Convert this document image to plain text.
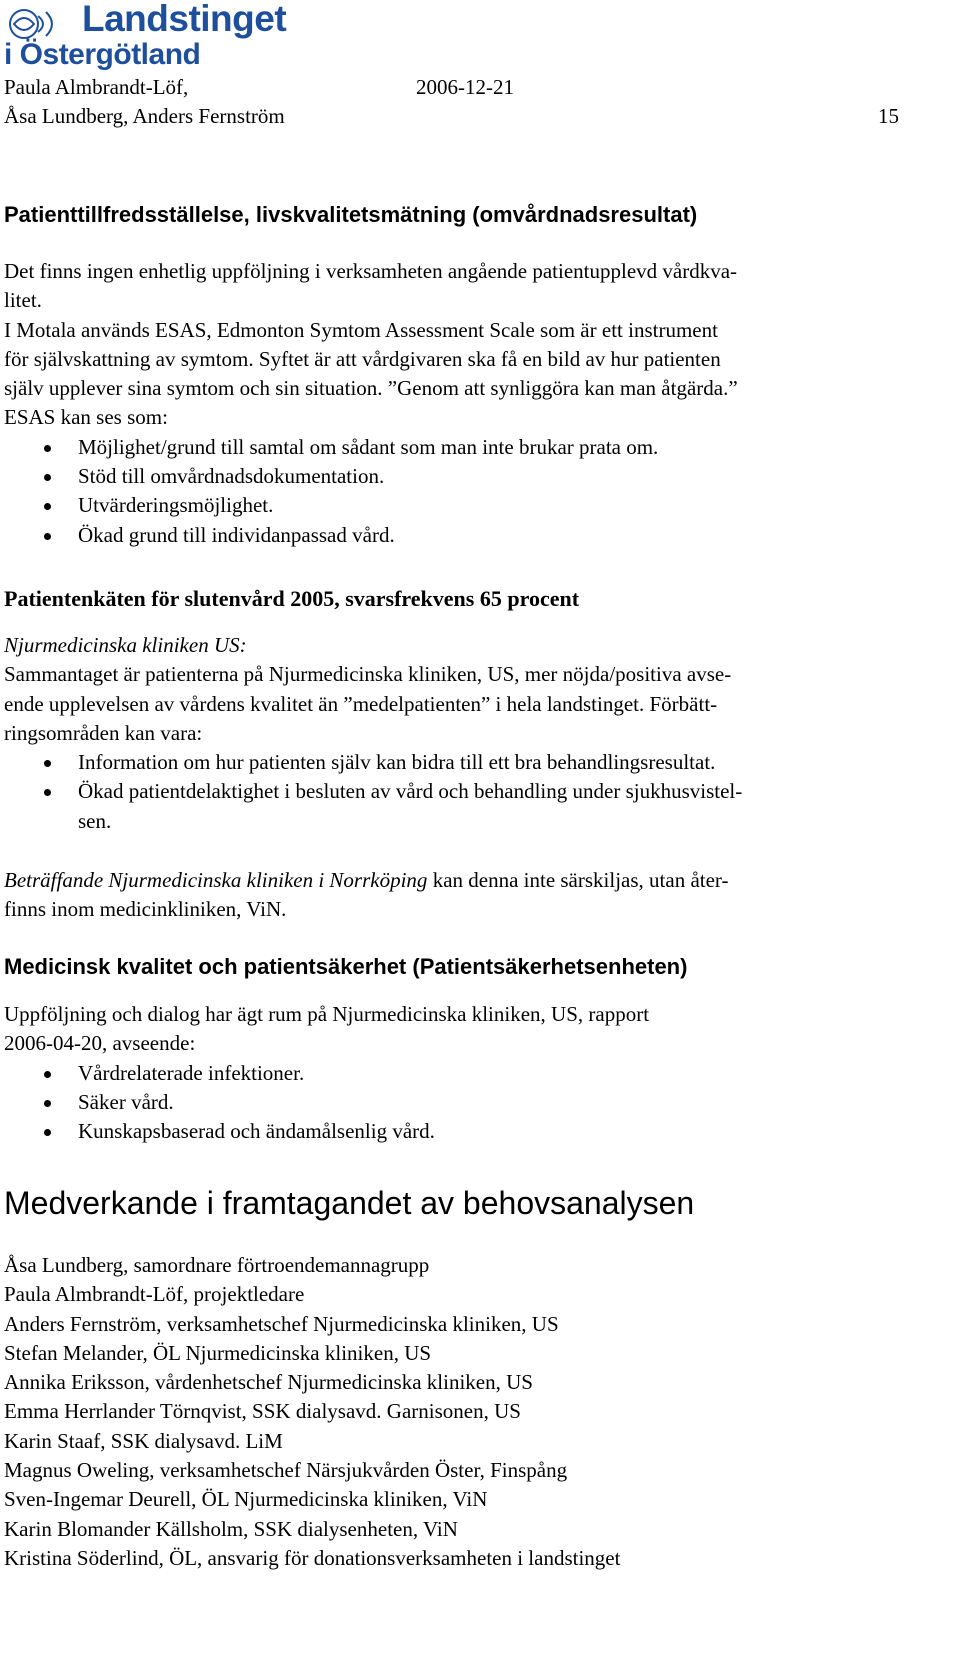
Landstinget
i Östergötland
Paula Almbrandt-Löf,	2006-12-21
Åsa Lundberg, Anders Fernström	15
Patienttillfredsställelse, livskvalitetsmätning (omvårdnadsresultat)
Det finns ingen enhetlig uppföljning i verksamheten angående patientupplevd vårdkva-
litet.
I Motala används ESAS, Edmonton Symtom Assessment Scale som är ett instrument
för självskattning av symtom. Syftet är att vårdgivaren ska få en bild av hur patienten
själv upplever sina symtom och sin situation. ”Genom att synliggöra kan man åtgärda.”
ESAS kan ses som:
Möjlighet/grund till samtal om sådant som man inte brukar prata om.
Stöd till omvårdnadsdokumentation.
Utvärderingsmöjlighet.
Ökad grund till individanpassad vård.
Patientenkäten för slutenvård 2005, svarsfrekvens 65 procent
Njurmedicinska kliniken US:
Sammantaget är patienterna på Njurmedicinska kliniken, US, mer nöjda/positiva avse-
ende upplevelsen av vårdens kvalitet än ”medelpatienten” i hela landstinget. Förbätt-
ringsområden kan vara:
Information om hur patienten själv kan bidra till ett bra behandlingsresultat.
Ökad patientdelaktighet i besluten av vård och behandling under sjukhusvistel-
sen.
Beträffande Njurmedicinska kliniken i Norrköping kan denna inte särskiljas, utan åter-
finns inom medicinkliniken, ViN.
Medicinsk kvalitet och patientsäkerhet (Patientsäkerhetsenheten)
Uppföljning och dialog har ägt rum på Njurmedicinska kliniken, US, rapport
2006-04-20, avseende:
Vårdrelaterade infektioner.
Säker vård.
Kunskapsbaserad och ändamålsenlig vård.
Medverkande i framtagandet av behovsanalysen
Åsa Lundberg, samordnare förtroendemannagrupp
Paula Almbrandt-Löf, projektledare
Anders Fernström, verksamhetschef Njurmedicinska kliniken, US
Stefan Melander, ÖL Njurmedicinska kliniken, US
Annika Eriksson, vårdenhetschef Njurmedicinska kliniken, US
Emma Herrlander Törnqvist, SSK dialysavd. Garnisonen, US
Karin Staaf, SSK dialysavd. LiM
Magnus Oweling, verksamhetschef Närsjukvården Öster, Finspång
Sven-Ingemar Deurell, ÖL Njurmedicinska kliniken, ViN
Karin Blomander Källsholm, SSK dialysenheten, ViN
Kristina Söderlind, ÖL, ansvarig för donationsverksamheten i landstinget
